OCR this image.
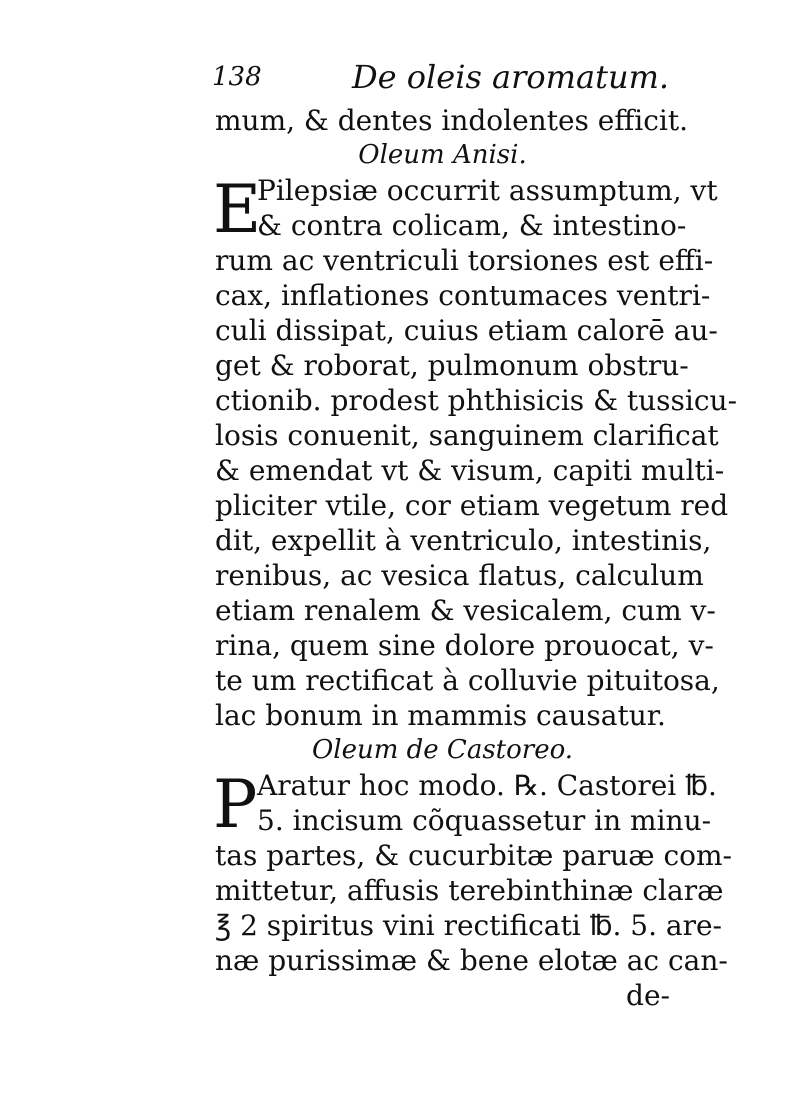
138	De oleis aromatum.
mum, & dentes indolentes efficit.
Oleum Anisi.
E
Pilepsiæ occurrit assumptum, vt
& contra colicam, & intestino-
rum ac ventriculi torsiones est effi-
cax, inflationes contumaces ventri-
culi dissipat, cuius etiam calorē au-
get & roborat, pulmonum obstru-
ctionib. prodest phthisicis & tussicu-
losis conuenit, sanguinem clarificat
& emendat vt & visum, capiti multi-
pliciter vtile, cor etiam vegetum red
dit, expellit à ventriculo, intestinis,
renibus, ac vesica flatus, calculum
etiam renalem & vesicalem, cum v-
rina, quem sine dolore prouocat, v-
te um rectificat à colluvie pituitosa,
lac bonum in mammis causatur.
Oleum de Castoreo.
P Aratur hoc modo. ℞. Castorei ℔.
5. incisum cõquassetur in minu-
tas partes, & cucurbitæ paruæ com-
mittetur, affusis terebinthinæ claræ
℥ 2 spiritus vini rectificati ℔. 5. are-
næ purissimæ & bene elotæ ac can-
de-
